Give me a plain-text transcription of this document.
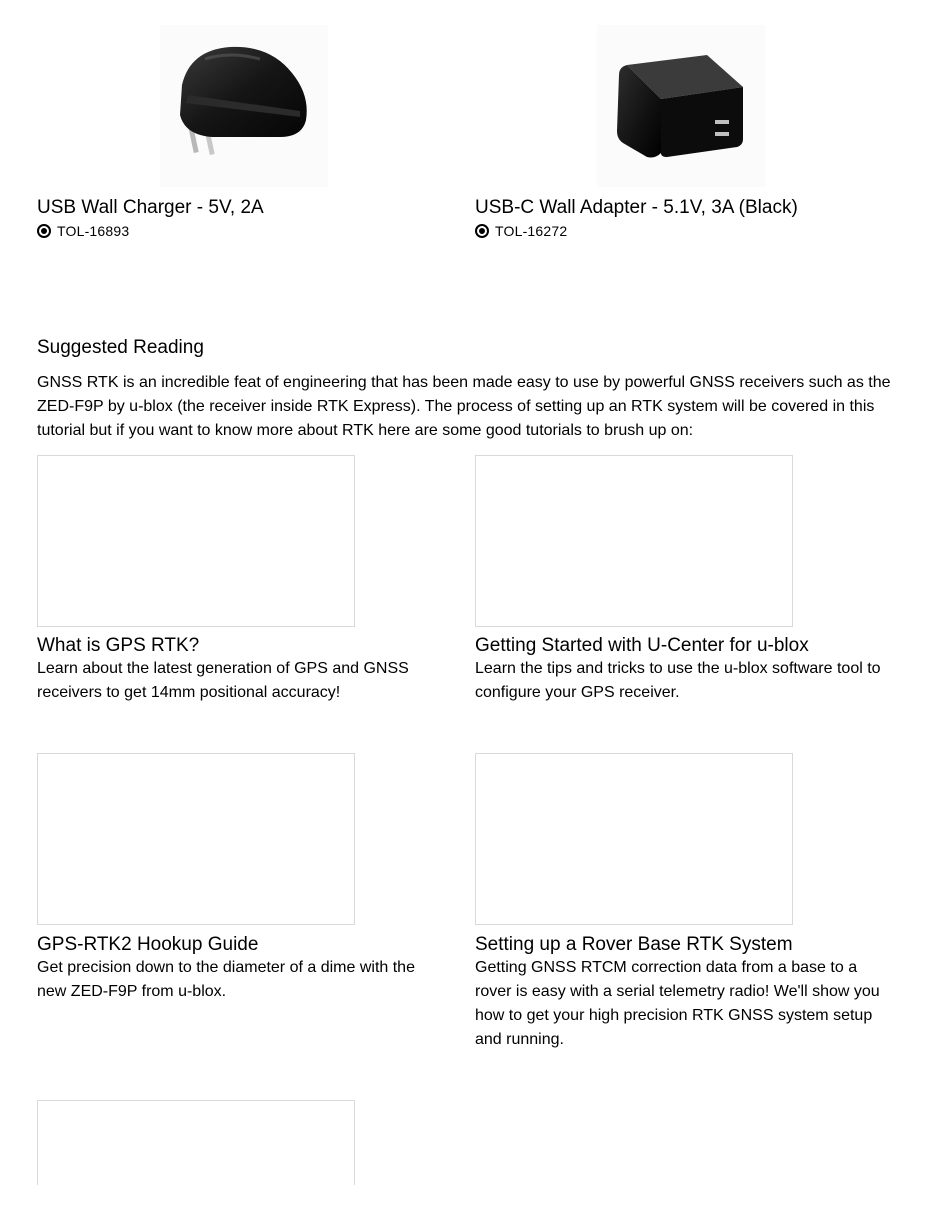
USB Wall Charger - 5V, 2A
TOL-16893
USB-C Wall Adapter - 5.1V, 3A (Black)
TOL-16272
Suggested Reading
GNSS RTK is an incredible feat of engineering that has been made easy to use by powerful GNSS receivers such as the ZED-F9P by u-blox (the receiver inside RTK Express). The process of setting up an RTK system will be covered in this tutorial but if you want to know more about RTK here are some good tutorials to brush up on:
What is GPS RTK?
Learn about the latest generation of GPS and GNSS receivers to get 14mm positional accuracy!
Getting Started with U-Center for u-blox
Learn the tips and tricks to use the u-blox software tool to configure your GPS receiver.
GPS-RTK2 Hookup Guide
Get precision down to the diameter of a dime with the new ZED-F9P from u-blox.
Setting up a Rover Base RTK System
Getting GNSS RTCM correction data from a base to a rover is easy with a serial telemetry radio! We'll show you how to get your high precision RTK GNSS system setup and running.
